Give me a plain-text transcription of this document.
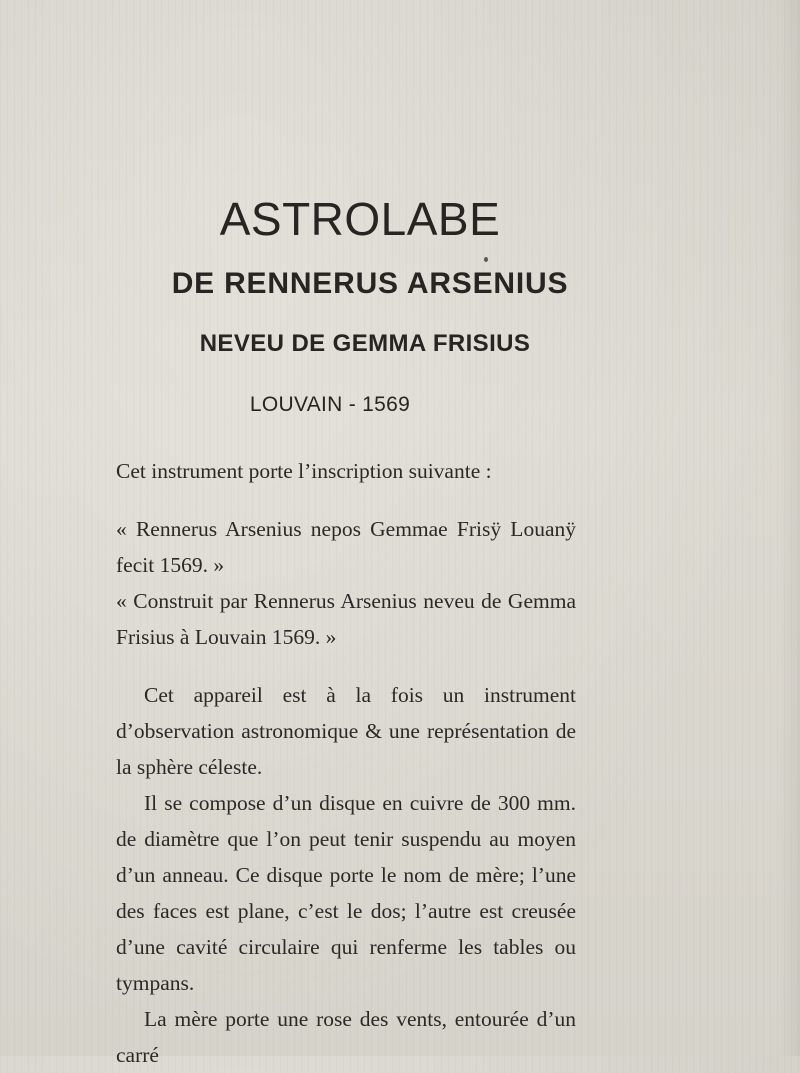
ASTROLABE
DE RENNERUS ARSENIUS
NEVEU DE GEMMA FRISIUS
LOUVAIN - 1569

Cet instrument porte l’inscription suivante :

« Rennerus Arsenius nepos Gemmae Frisÿ Louanÿ fecit 1569. »

« Construit par Rennerus Arsenius neveu de Gemma Frisius à Louvain 1569. »

Cet appareil est à la fois un instrument d’observation astronomique & une représentation de la sphère céleste.

Il se compose d’un disque en cuivre de 300 mm. de diamètre que l’on peut tenir suspendu au moyen d’un anneau. Ce disque porte le nom de mère; l’une des faces est plane, c’est le dos; l’autre est creusée d’une cavité circulaire qui renferme les tables ou tympans.

La mère porte une rose des vents, entourée d’un carré
